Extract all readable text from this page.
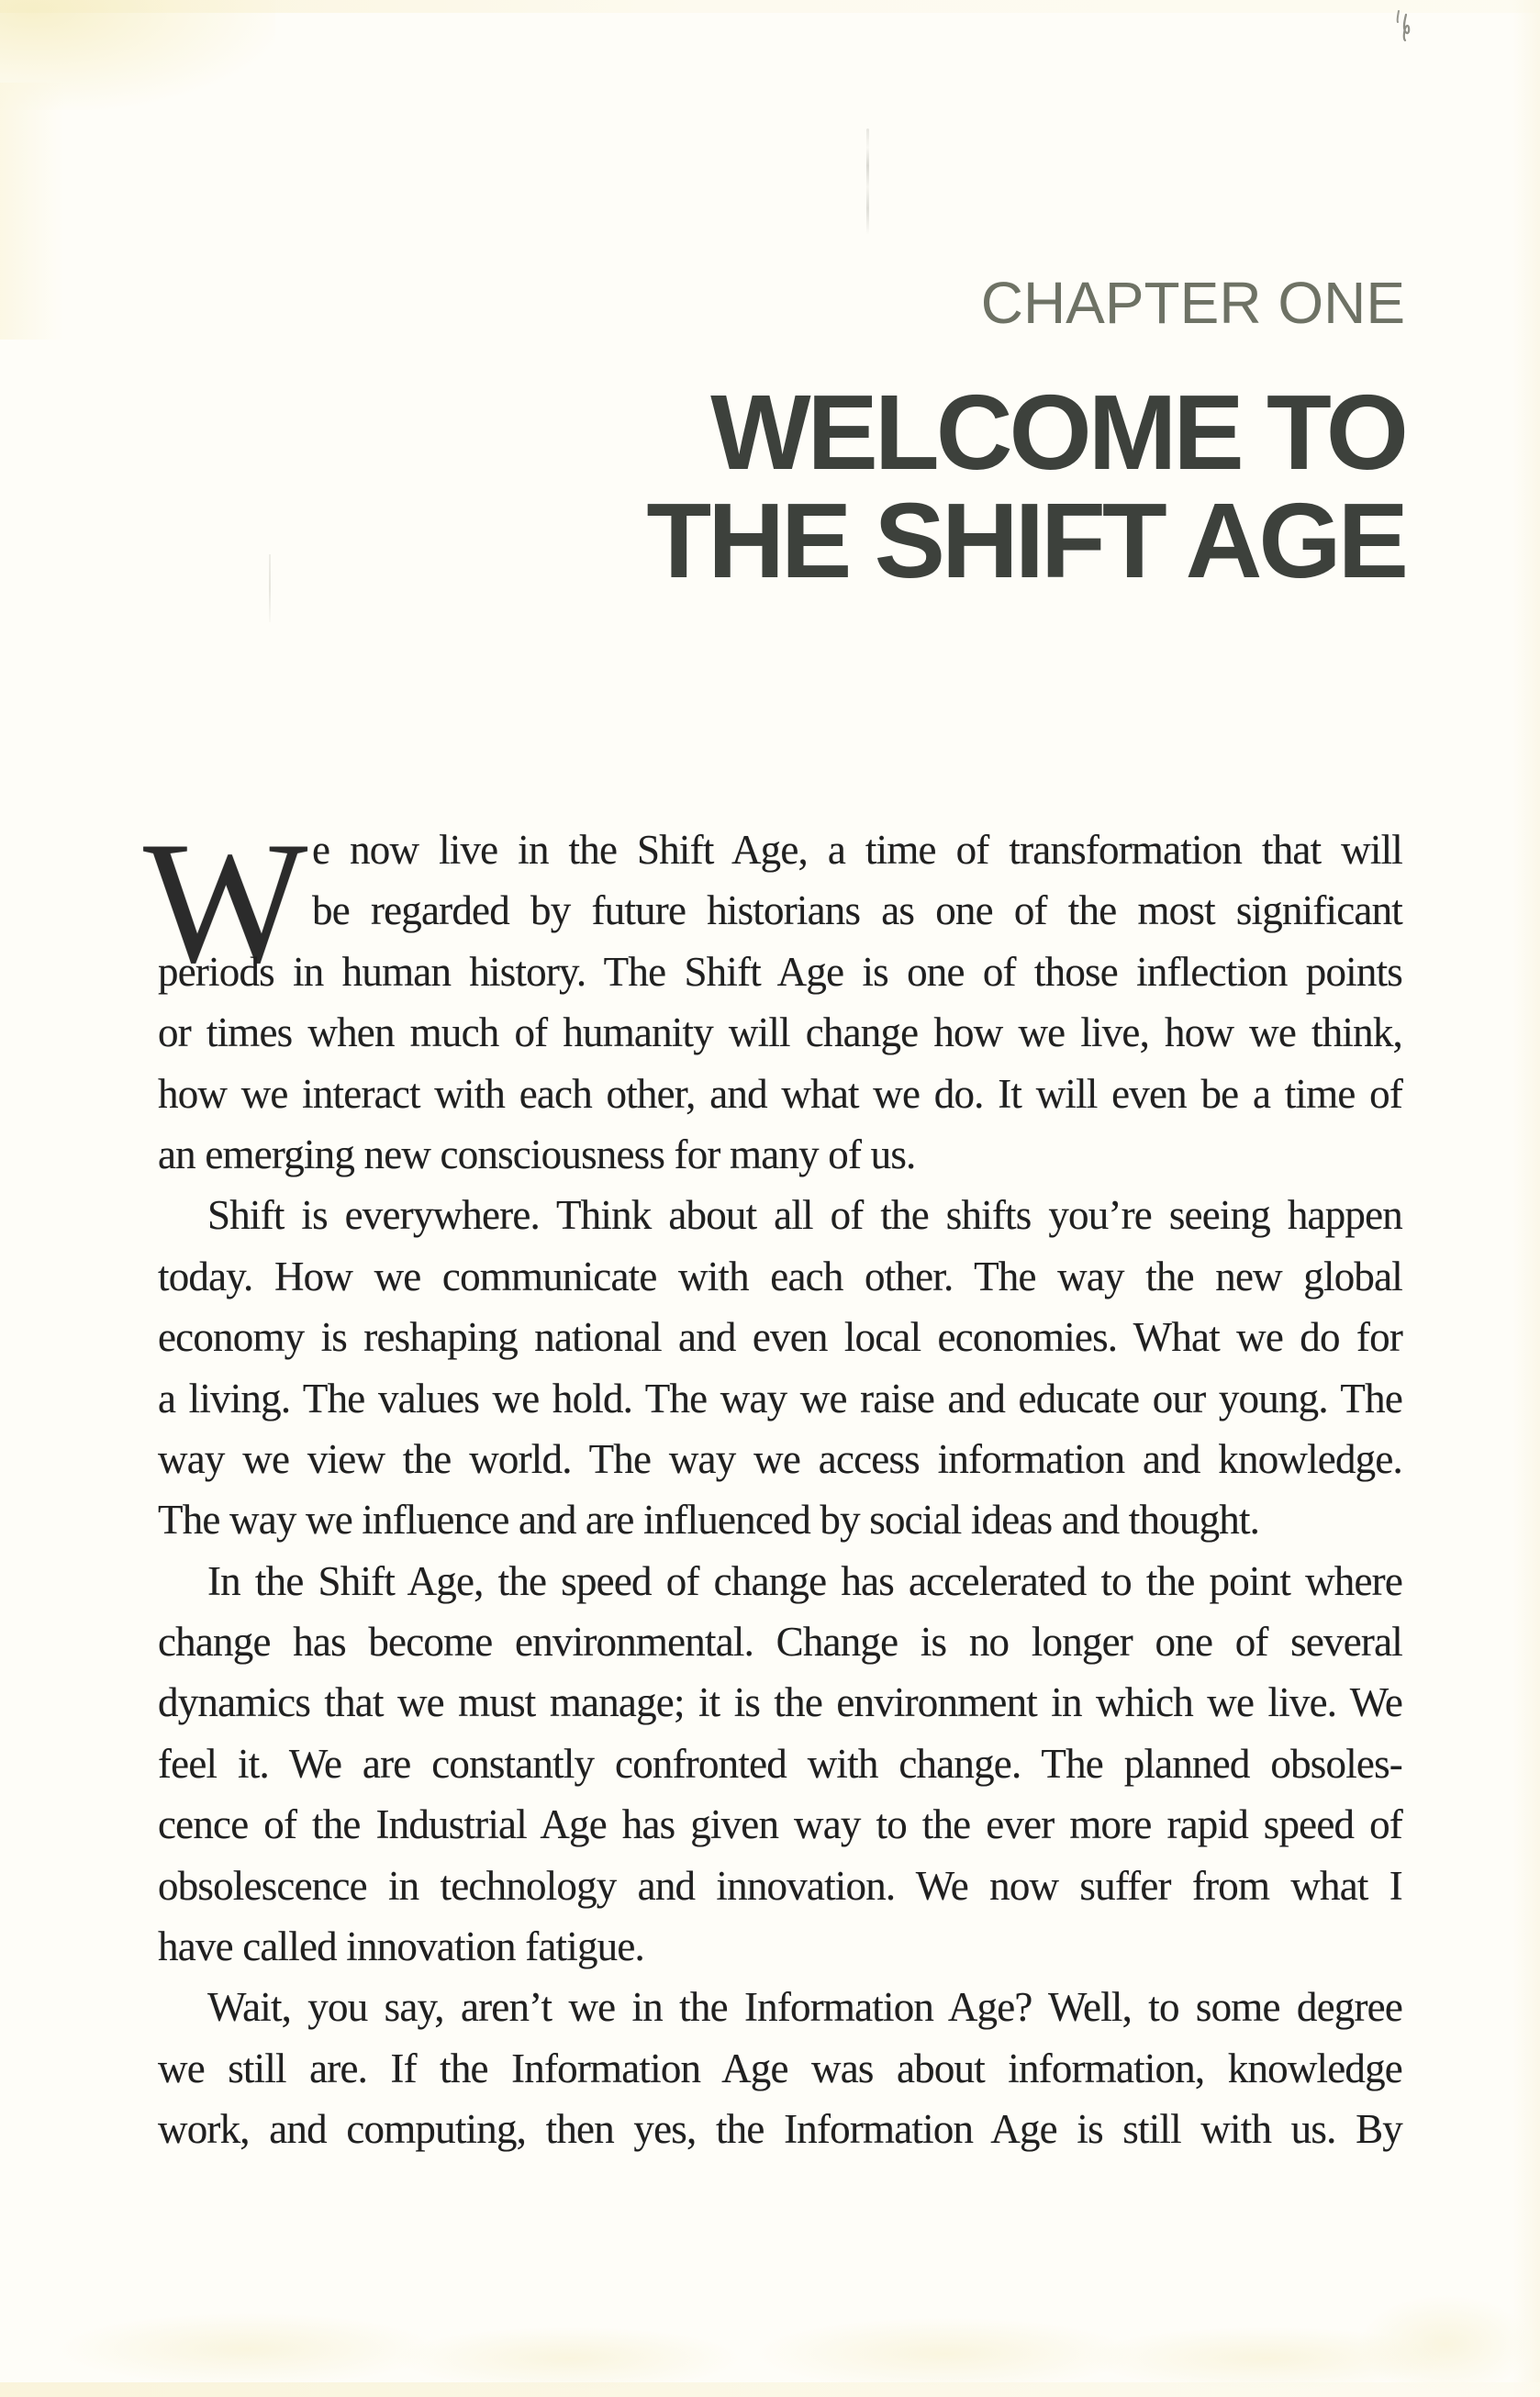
CHAPTER ONE
WELCOME TO
THE SHIFT AGE
W e now live in the Shift Age, a time of transformation that will
be regarded by future historians as one of the most significant
periods in human history. The Shift Age is one of those inflection points
or times when much of humanity will change how we live, how we think,
how we interact with each other, and what we do. It will even be a time of
an emerging new consciousness for many of us.
Shift is everywhere. Think about all of the shifts you’re seeing happen
today. How we communicate with each other. The way the new global
economy is reshaping national and even local economies. What we do for
a living. The values we hold. The way we raise and educate our young. The
way we view the world. The way we access information and knowledge.
The way we influence and are influenced by social ideas and thought.
In the Shift Age, the speed of change has accelerated to the point where
change has become environmental. Change is no longer one of several
dynamics that we must manage; it is the environment in which we live. We
feel it. We are constantly confronted with change. The planned obsoles-
cence of the Industrial Age has given way to the ever more rapid speed of
obsolescence in technology and innovation. We now suffer from what I
have called innovation fatigue.
Wait, you say, aren’t we in the Information Age? Well, to some degree
we still are. If the Information Age was about information, knowledge
work, and computing, then yes, the Information Age is still with us. By
